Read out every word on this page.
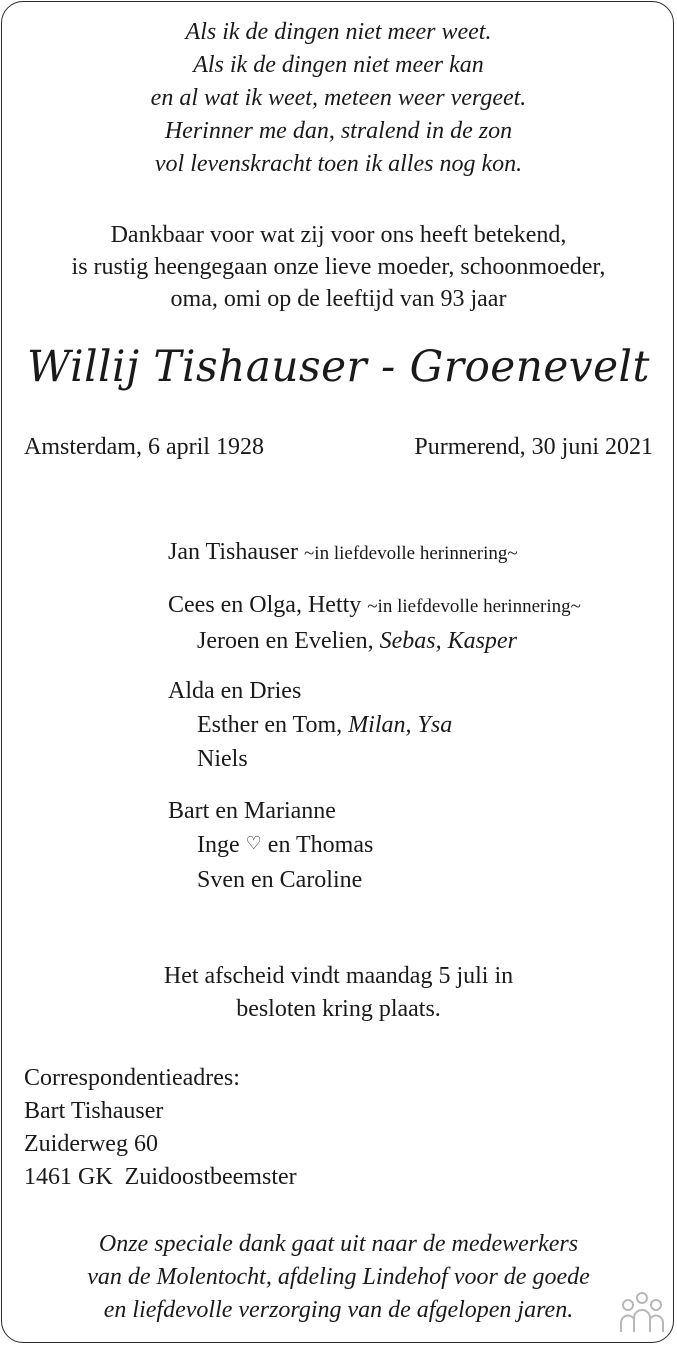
Als ik de dingen niet meer weet.
Als ik de dingen niet meer kan
en al wat ik weet, meteen weer vergeet.
Herinner me dan, stralend in de zon
vol levenskracht toen ik alles nog kon.
Dankbaar voor wat zij voor ons heeft betekend,
is rustig heengegaan onze lieve moeder, schoonmoeder,
oma, omi op de leeftijd van 93 jaar
Willij Tishauser - Groenevelt
Amsterdam, 6 april 1928	Purmerend, 30 juni 2021
Jan Tishauser ~in liefdevolle herinnering~
Cees en Olga, Hetty ~in liefdevolle herinnering~
Jeroen en Evelien, Sebas, Kasper
Alda en Dries
Esther en Tom, Milan, Ysa
Niels
Bart en Marianne
Inge ♡ en Thomas
Sven en Caroline
Het afscheid vindt maandag 5 juli in
besloten kring plaats.
Correspondentieadres:
Bart Tishauser
Zuiderweg 60
1461 GK  Zuidoostbeemster
Onze speciale dank gaat uit naar de medewerkers
van de Molentocht, afdeling Lindehof voor de goede
en liefdevolle verzorging van de afgelopen jaren.
